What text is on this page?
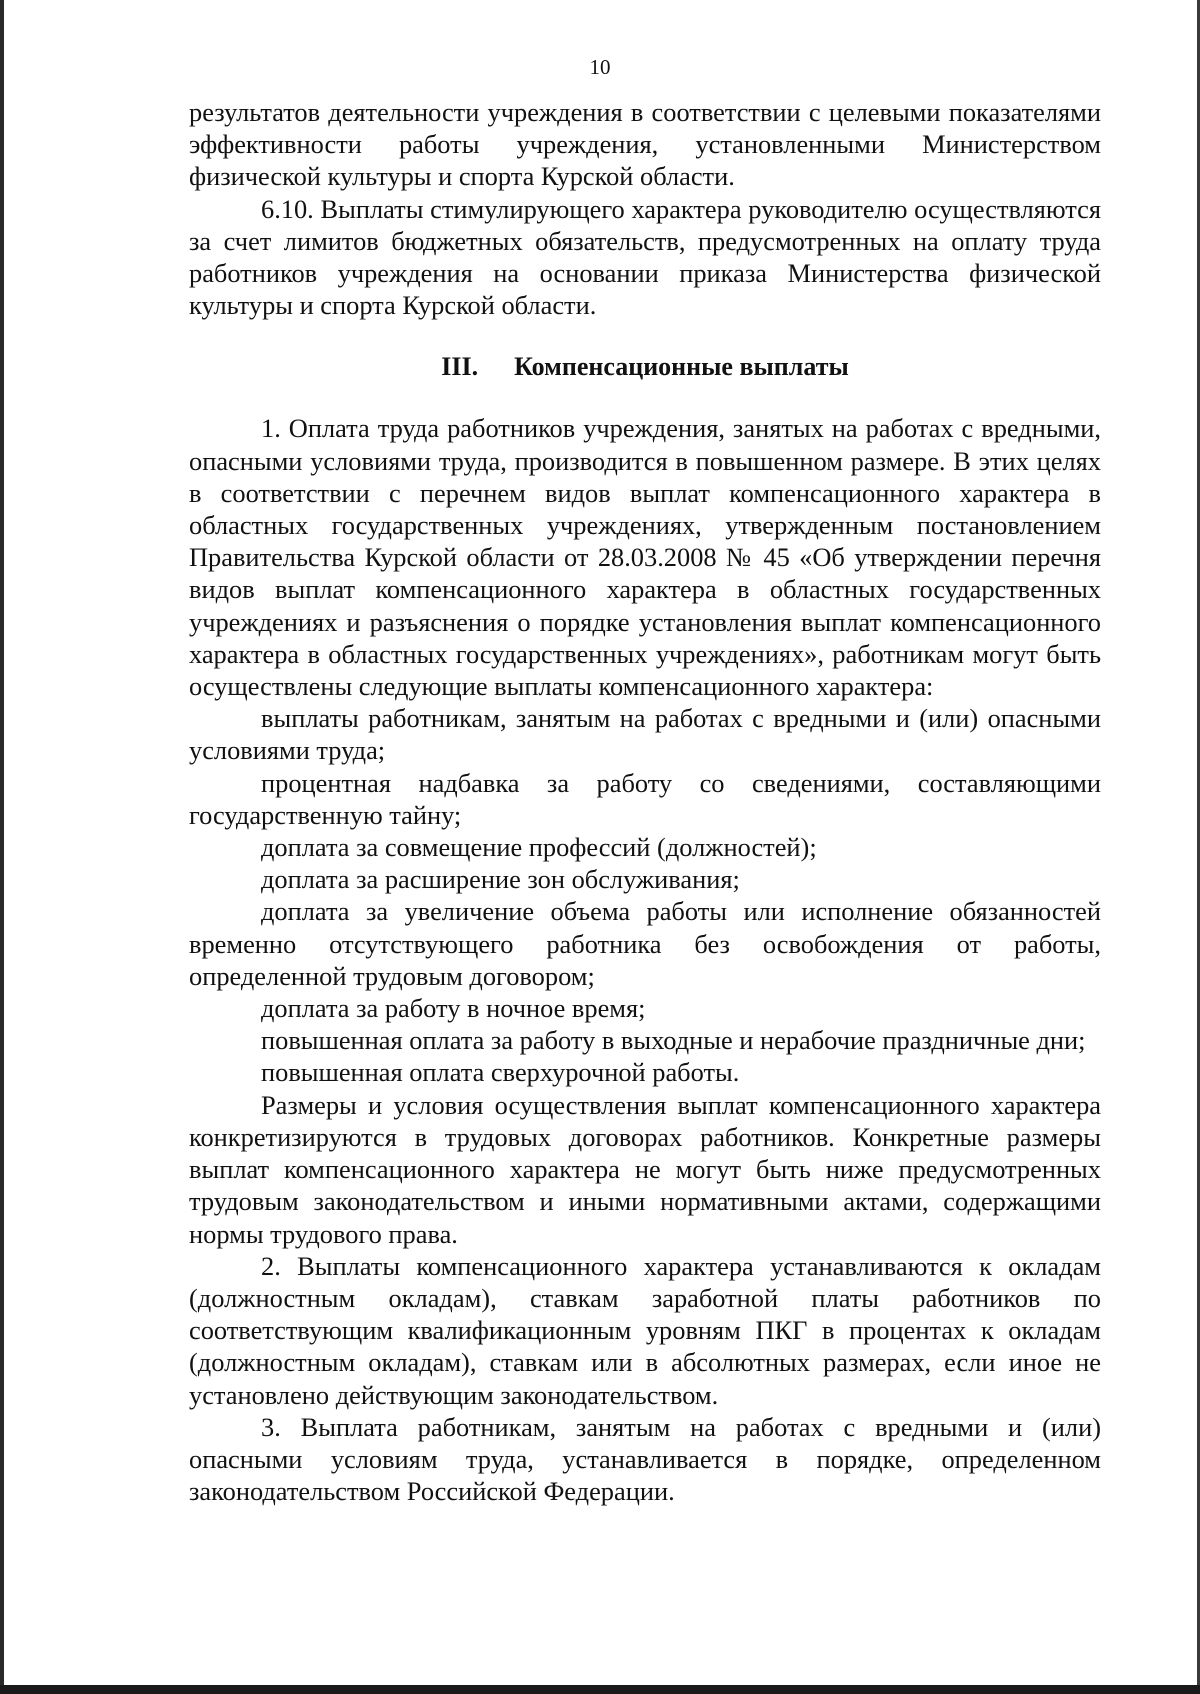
10

результатов деятельности учреждения в соответствии с целевыми показателями эффективности работы учреждения, установленными Министерством физической культуры и спорта Курской области.

6.10. Выплаты стимулирующего характера руководителю осуществляются за счет лимитов бюджетных обязательств, предусмотренных на оплату труда работников учреждения на основании приказа Министерства физической культуры и спорта Курской области.

III. Компенсационные выплаты

1. Оплата труда работников учреждения, занятых на работах с вредными, опасными условиями труда, производится в повышенном размере. В этих целях в соответствии с перечнем видов выплат компенсационного характера в областных государственных учреждениях, утвержденным постановлением Правительства Курской области от 28.03.2008 № 45 «Об утверждении перечня видов выплат компенсационного характера в областных государственных учреждениях и разъяснения о порядке установления выплат компенсационного характера в областных государственных учреждениях», работникам могут быть осуществлены следующие выплаты компенсационного характера:

выплаты работникам, занятым на работах с вредными и (или) опасными условиями труда;

процентная надбавка за работу со сведениями, составляющими государственную тайну;

доплата за совмещение профессий (должностей);

доплата за расширение зон обслуживания;

доплата за увеличение объема работы или исполнение обязанностей временно отсутствующего работника без освобождения от работы, определенной трудовым договором;

доплата за работу в ночное время;

повышенная оплата за работу в выходные и нерабочие праздничные дни;

повышенная оплата сверхурочной работы.

Размеры и условия осуществления выплат компенсационного характера конкретизируются в трудовых договорах работников. Конкретные размеры выплат компенсационного характера не могут быть ниже предусмотренных трудовым законодательством и иными нормативными актами, содержащими нормы трудового права.

2. Выплаты компенсационного характера устанавливаются к окладам (должностным окладам), ставкам заработной платы работников по соответствующим квалификационным уровням ПКГ в процентах к окладам (должностным окладам), ставкам или в абсолютных размерах, если иное не установлено действующим законодательством.

3. Выплата работникам, занятым на работах с вредными и (или) опасными условиям труда, устанавливается в порядке, определенном законодательством Российской Федерации.
